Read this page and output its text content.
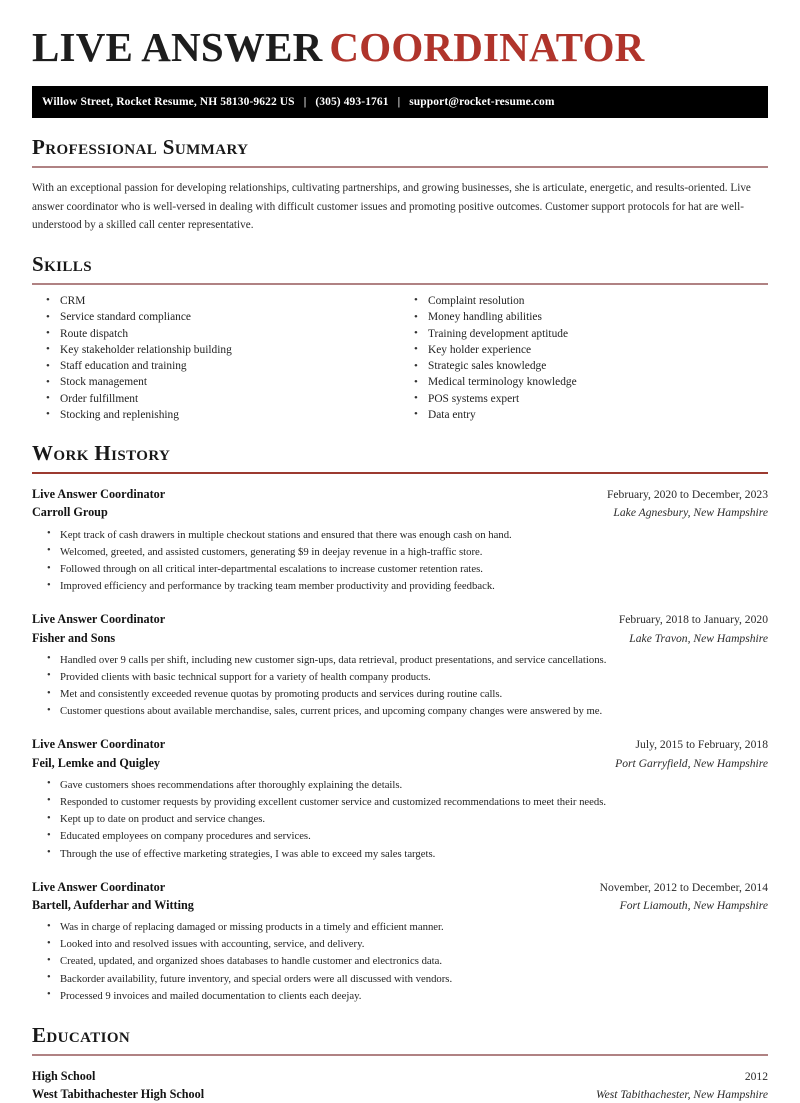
LIVE ANSWER COORDINATOR
Willow Street, Rocket Resume, NH 58130-9622 US | (305) 493-1761 | support@rocket-resume.com
Professional Summary
With an exceptional passion for developing relationships, cultivating partnerships, and growing businesses, she is articulate, energetic, and results-oriented. Live answer coordinator who is well-versed in dealing with difficult customer issues and promoting positive outcomes. Customer support protocols for hat are well-understood by a skilled call center representative.
Skills
• CRM
• Service standard compliance
• Route dispatch
• Key stakeholder relationship building
• Staff education and training
• Stock management
• Order fulfillment
• Stocking and replenishing
• Complaint resolution
• Money handling abilities
• Training development aptitude
• Key holder experience
• Strategic sales knowledge
• Medical terminology knowledge
• POS systems expert
• Data entry
Work History
Live Answer Coordinator	February, 2020 to December, 2023
Carroll Group	Lake Agnesbury, New Hampshire
• Kept track of cash drawers in multiple checkout stations and ensured that there was enough cash on hand.
• Welcomed, greeted, and assisted customers, generating $9 in deejay revenue in a high-traffic store.
• Followed through on all critical inter-departmental escalations to increase customer retention rates.
• Improved efficiency and performance by tracking team member productivity and providing feedback.
Live Answer Coordinator	February, 2018 to January, 2020
Fisher and Sons	Lake Travon, New Hampshire
• Handled over 9 calls per shift, including new customer sign-ups, data retrieval, product presentations, and service cancellations.
• Provided clients with basic technical support for a variety of health company products.
• Met and consistently exceeded revenue quotas by promoting products and services during routine calls.
• Customer questions about available merchandise, sales, current prices, and upcoming company changes were answered by me.
Live Answer Coordinator	July, 2015 to February, 2018
Feil, Lemke and Quigley	Port Garryfield, New Hampshire
• Gave customers shoes recommendations after thoroughly explaining the details.
• Responded to customer requests by providing excellent customer service and customized recommendations to meet their needs.
• Kept up to date on product and service changes.
• Educated employees on company procedures and services.
• Through the use of effective marketing strategies, I was able to exceed my sales targets.
Live Answer Coordinator	November, 2012 to December, 2014
Bartell, Aufderhar and Witting	Fort Liamouth, New Hampshire
• Was in charge of replacing damaged or missing products in a timely and efficient manner.
• Looked into and resolved issues with accounting, service, and delivery.
• Created, updated, and organized shoes databases to handle customer and electronics data.
• Backorder availability, future inventory, and special orders were all discussed with vendors.
• Processed 9 invoices and mailed documentation to clients each deejay.
Education
High School	2012
West Tabithachester High School	West Tabithachester, New Hampshire
